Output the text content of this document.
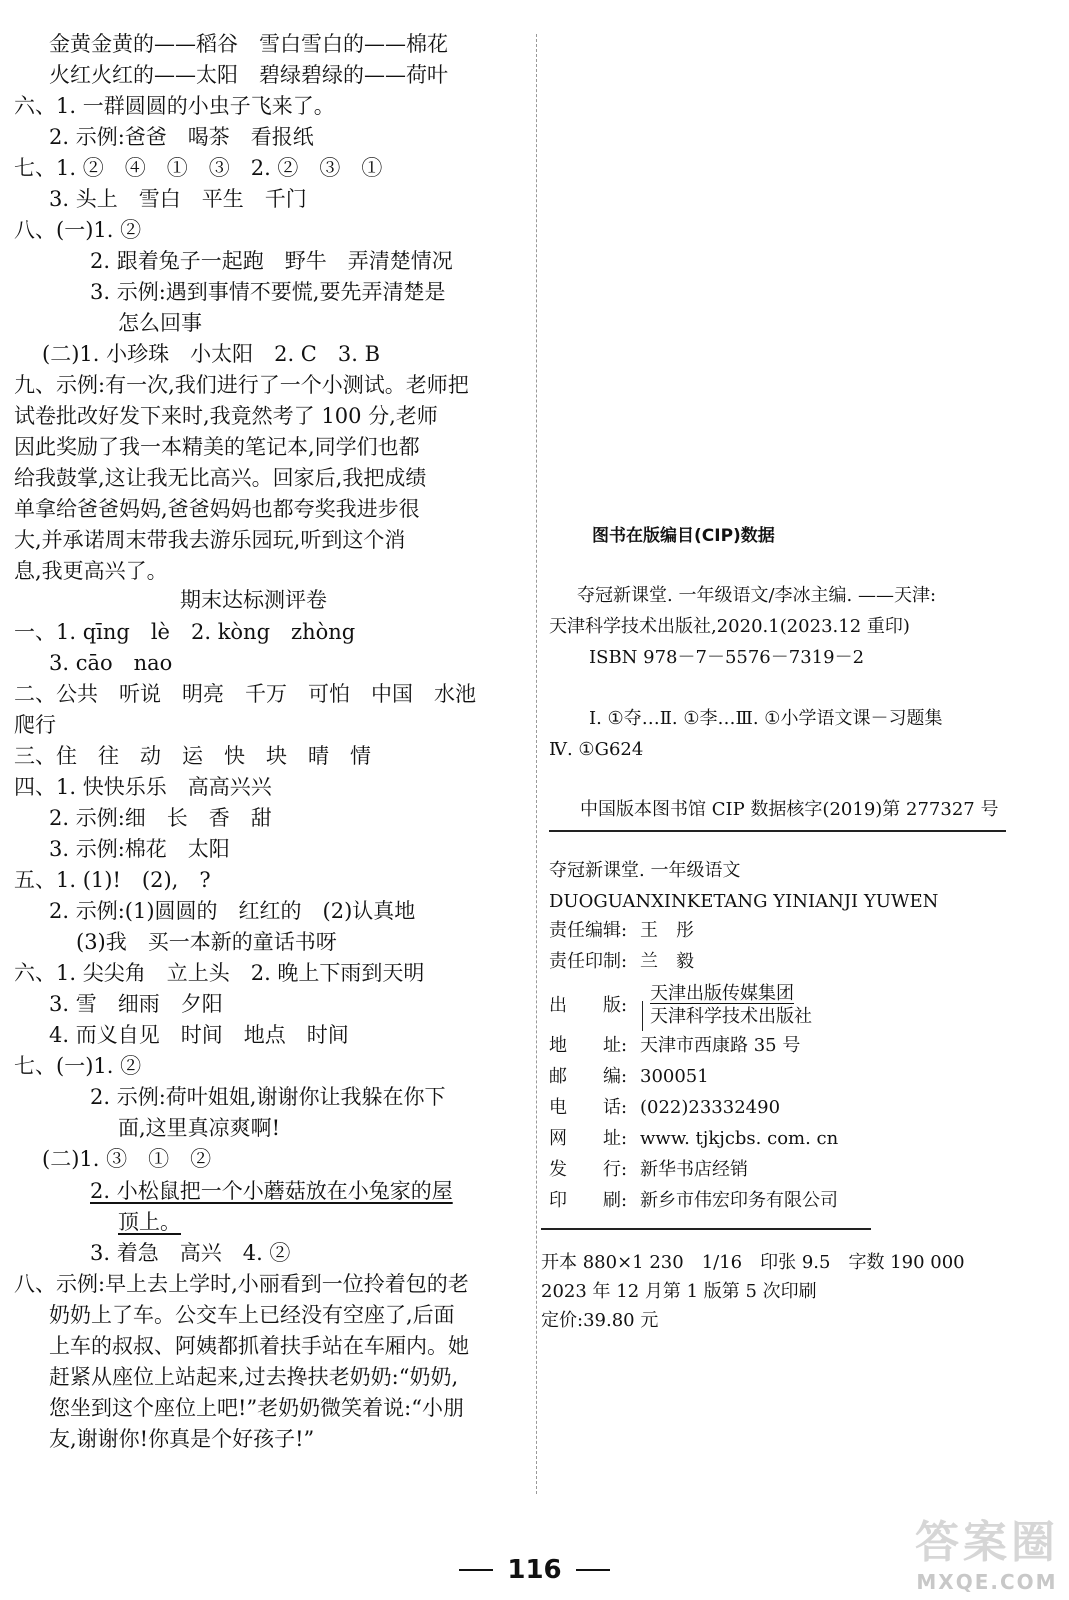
金黄金黄的——稻谷　雪白雪白的——棉花
火红火红的——太阳　碧绿碧绿的——荷叶
六、1. 一群圆圆的小虫子飞来了。
2. 示例:爸爸　喝茶　看报纸
七、1. ②　④　①　③　2. ②　③　①
3. 头上　雪白　平生　千门
八、(一)1. ②
2. 跟着兔子一起跑　野牛　弄清楚情况
3. 示例:遇到事情不要慌,要先弄清楚是
怎么回事
(二)1. 小珍珠　小太阳　2. C　3. B
九、示例:有一次,我们进行了一个小测试。老师把
试卷批改好发下来时,我竟然考了 100 分,老师
因此奖励了我一本精美的笔记本,同学们也都
给我鼓掌,这让我无比高兴。回家后,我把成绩
单拿给爸爸妈妈,爸爸妈妈也都夸奖我进步很
大,并承诺周末带我去游乐园玩,听到这个消
息,我更高兴了。
期末达标测评卷
一、1. qīng　lè　2. kòng　zhòng
3. cāo　nao
二、公共　听说　明亮　千万　可怕　中国　水池
爬行
三、住　往　动　运　快　块　晴　情
四、1. 快快乐乐　高高兴兴
2. 示例:细　长　香　甜
3. 示例:棉花　太阳
五、1. (1)!　(2),　?
2. 示例:(1)圆圆的　红红的　(2)认真地
(3)我　买一本新的童话书呀
六、1. 尖尖角　立上头　2. 晚上下雨到天明
3. 雪　细雨　夕阳
4. 而义自见　时间　地点　时间
七、(一)1. ②
2. 示例:荷叶姐姐,谢谢你让我躲在你下
面,这里真凉爽啊!
(二)1. ③　①　②
2. 小松鼠把一个小蘑菇放在小兔家的屋
顶上。
3. 着急　高兴　4. ②
八、示例:早上去上学时,小丽看到一位拎着包的老
奶奶上了车。公交车上已经没有空座了,后面
上车的叔叔、阿姨都抓着扶手站在车厢内。她
赶紧从座位上站起来,过去搀扶老奶奶:“奶奶,
您坐到这个座位上吧!”老奶奶微笑着说:“小朋
友,谢谢你!你真是个好孩子!”
图书在版编目(CIP)数据
夺冠新课堂. 一年级语文/李冰主编. ——天津:
天津科学技术出版社,2020.1(2023.12 重印)
ISBN 978－7－5576－7319－2
Ⅰ. ①夺…Ⅱ. ①李…Ⅲ. ①小学语文课－习题集
Ⅳ. ①G624
中国版本图书馆 CIP 数据核字(2019)第 277327 号
夺冠新课堂. 一年级语文
DUOGUANXINKETANG YINIANJI YUWEN
责任编辑: 王　彤
责任印制: 兰　毅
出　　版:
天津出版传媒集团
天津科学技术出版社
地　　址: 天津市西康路 35 号
邮　　编: 300051
电　　话: (022)23332490
网　　址: www. tjkjcbs. com. cn
发　　行: 新华书店经销
印　　刷: 新乡市伟宏印务有限公司
开本 880×1 230　1/16　印张 9.5　字数 190 000
2023 年 12 月第 1 版第 5 次印刷
定价:39.80 元
116
答案圈
MXQE.COM
